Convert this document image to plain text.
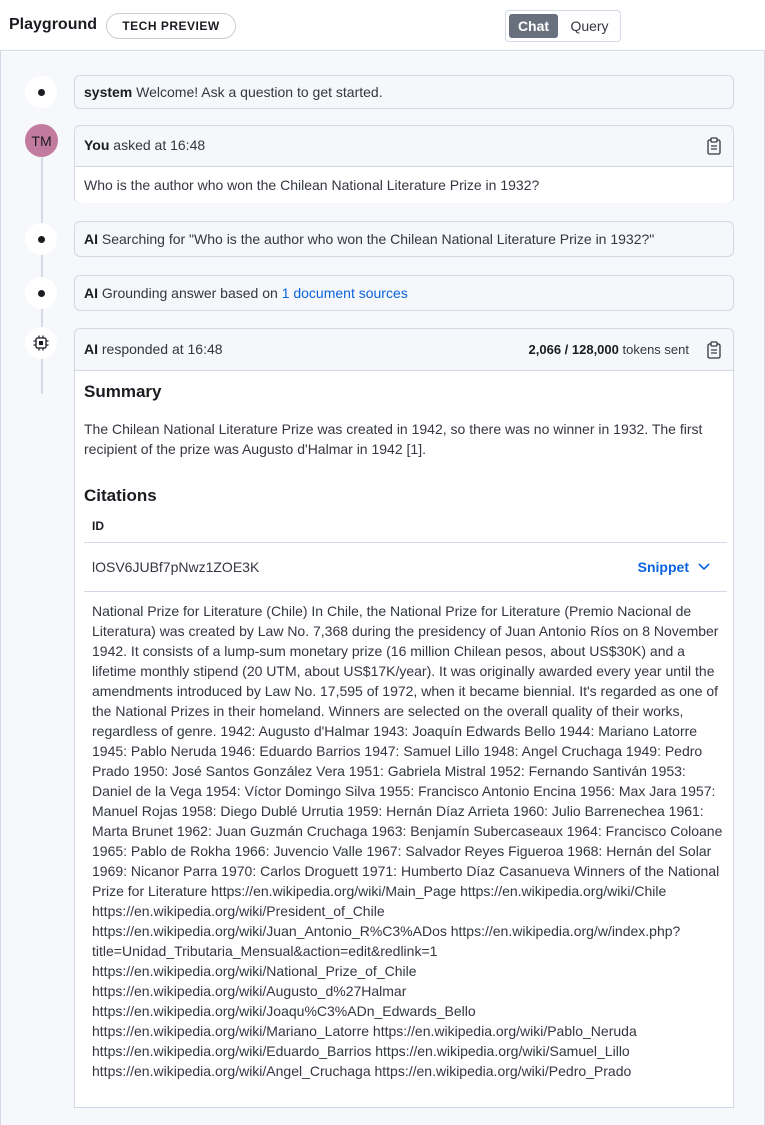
Playground	TECH PREVIEW	Chat	Query
system
Welcome! Ask a question to get started.
TM	You
asked at 16:48
Who is the author who won the Chilean National Literature Prize in 1932?
AI
Searching for "Who is the author who won the Chilean National Literature Prize in 1932?"
AI
Grounding answer based on
1 document sources
AI
responded at 16:48	2,066 / 128,000
tokens sent
Summary
The Chilean National Literature Prize was created in 1942, so there was no winner in 1932. The first recipient of the prize was Augusto d'Halmar in 1942 [1].
Citations
ID
lOSV6JUBf7pNwz1ZOE3K	Snippet
National Prize for Literature (Chile) In Chile, the National Prize for Literature (Premio Nacional de Literatura) was created by Law No. 7,368 during the presidency of Juan Antonio Ríos on 8 November 1942. It consists of a lump-sum monetary prize (16 million Chilean pesos, about US$30K) and a lifetime monthly stipend (20 UTM, about US$17K/year). It was originally awarded every year until the amendments introduced by Law No. 17,595 of 1972, when it became biennial. It's regarded as one of the National Prizes in their homeland. Winners are selected on the overall quality of their works, regardless of genre. 1942: Augusto d'Halmar 1943: Joaquín Edwards Bello 1944: Mariano Latorre 1945: Pablo Neruda 1946: Eduardo Barrios 1947: Samuel Lillo 1948: Angel Cruchaga 1949: Pedro Prado 1950: José Santos González Vera 1951: Gabriela Mistral 1952: Fernando Santiván 1953: Daniel de la Vega 1954: Víctor Domingo Silva 1955: Francisco Antonio Encina 1956: Max Jara 1957: Manuel Rojas 1958: Diego Dublé Urrutia 1959: Hernán Díaz Arrieta 1960: Julio Barrenechea 1961: Marta Brunet 1962: Juan Guzmán Cruchaga 1963: Benjamín Subercaseaux 1964: Francisco Coloane 1965: Pablo de Rokha 1966: Juvencio Valle 1967: Salvador Reyes Figueroa 1968: Hernán del Solar 1969: Nicanor Parra 1970: Carlos Droguett 1971: Humberto Díaz Casanueva Winners of the National Prize for Literature https://en.wikipedia.org/wiki/Main_Page https://en.wikipedia.org/wiki/Chile https://en.wikipedia.org/wiki/President_of_Chile https://en.wikipedia.org/wiki/Juan_Antonio_R%C3%ADos https://en.wikipedia.org/w/index.php?title=Unidad_Tributaria_Mensual&action=edit&redlink=1 https://en.wikipedia.org/wiki/National_Prize_of_Chile https://en.wikipedia.org/wiki/Augusto_d%27Halmar https://en.wikipedia.org/wiki/Joaqu%C3%ADn_Edwards_Bello https://en.wikipedia.org/wiki/Mariano_Latorre https://en.wikipedia.org/wiki/Pablo_Neruda https://en.wikipedia.org/wiki/Eduardo_Barrios https://en.wikipedia.org/wiki/Samuel_Lillo https://en.wikipedia.org/wiki/Angel_Cruchaga https://en.wikipedia.org/wiki/Pedro_Prado
